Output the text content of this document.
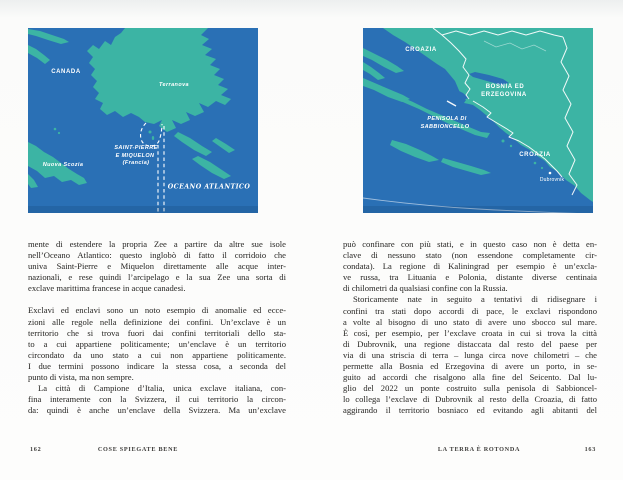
CANADA
Terranova
SAINT-PIERRE
E MIQUELON
(Francia)
Nuova Scozia
OCEANO ATLANTICO
CROAZIA
BOSNIA ED
ERZEGOVINA
PENISOLA DI
SABBIONCELLO
CROAZIA
Dubrovnik
mente di estendere la propria Zee a partire da altre sue isole
nell’Oceano Atlantico: questo inglobò di fatto il corridoio che
univa Saint-Pierre e Miquelon direttamente alle acque inter-
nazionali, e rese quindi l’arcipelago e la sua Zee una sorta di
exclave marittima francese in acque canadesi.
Exclavi ed enclavi sono un noto esempio di anomalie ed ecce-
zioni alle regole nella definizione dei confini. Un’exclave è un
territorio che si trova fuori dai confini territoriali dello sta-
to a cui appartiene politicamente; un’enclave è un territorio
circondato da uno stato a cui non appartiene politicamente.
I due termini possono indicare la stessa cosa, a seconda del
punto di vista, ma non sempre.
La città di Campione d’Italia, unica exclave italiana, con-
fina interamente con la Svizzera, il cui territorio la circon-
da: quindi è anche un’enclave della Svizzera. Ma un’exclave
può confinare con più stati, e in questo caso non è detta en-
clave di nessuno stato (non essendone completamente cir-
condata). La regione di Kaliningrad per esempio è un’excla-
ve russa, tra Lituania e Polonia, distante diverse centinaia
di chilometri da qualsiasi confine con la Russia.
Storicamente nate in seguito a tentativi di ridisegnare i
confini tra stati dopo accordi di pace, le exclavi rispondono
a volte al bisogno di uno stato di avere uno sbocco sul mare.
È così, per esempio, per l’exclave croata in cui si trova la città
di Dubrovnik, una regione distaccata dal resto del paese per
via di una striscia di terra – lunga circa nove chilometri – che
permette alla Bosnia ed Erzegovina di avere un porto, in se-
guito ad accordi che risalgono alla fine del Seicento. Dal lu-
glio del 2022 un ponte costruito sulla penisola di Sabbioncel-
lo collega l’exclave di Dubrovnik al resto della Croazia, di fatto
aggirando il territorio bosniaco ed evitando agli abitanti del
162	COSE SPIEGATE BENE	LA TERRA È ROTONDA	163
